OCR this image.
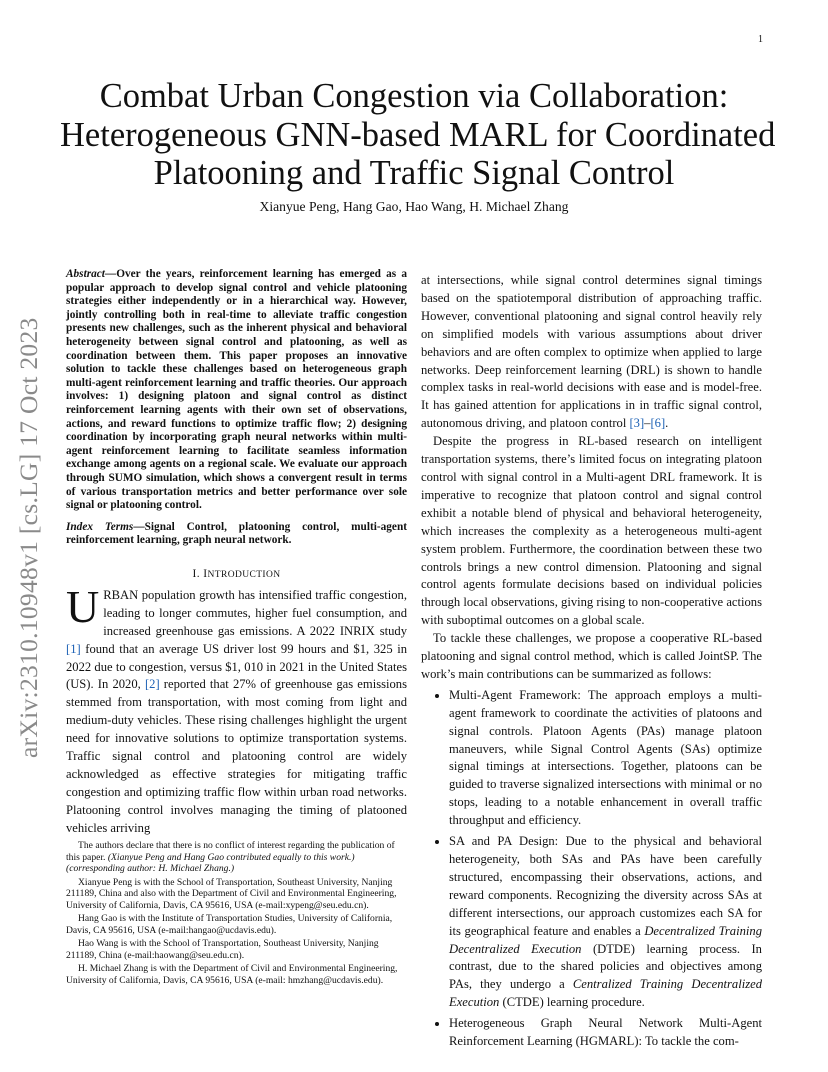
1
arXiv:2310.10948v1 [cs.LG] 17 Oct 2023
Combat Urban Congestion via Collaboration:
Heterogeneous GNN-based MARL for Coordinated
Platooning and Traffic Signal Control
Xianyue Peng, Hang Gao, Hao Wang, H. Michael Zhang

Abstract—Over the years, reinforcement learning has emerged as a popular approach to develop signal control and vehicle platooning strategies either independently or in a hierarchical way. However, jointly controlling both in real-time to alleviate traffic congestion presents new challenges, such as the inherent physical and behavioral heterogeneity between signal control and platooning, as well as coordination between them. This paper proposes an innovative solution to tackle these challenges based on heterogeneous graph multi-agent reinforcement learning and traffic theories. Our approach involves: 1) designing platoon and signal control as distinct reinforcement learning agents with their own set of observations, actions, and reward functions to optimize traffic flow; 2) designing coordination by incorporating graph neural networks within multi-agent reinforcement learning to facilitate seamless information exchange among agents on a regional scale. We evaluate our approach through SUMO simulation, which shows a convergent result in terms of various transportation metrics and better performance over sole signal or platooning control.

Index Terms—Signal Control, platooning control, multi-agent reinforcement learning, graph neural network.

I. INTRODUCTION

URBAN population growth has intensified traffic congestion, leading to longer commutes, higher fuel consumption, and increased greenhouse gas emissions. A 2022 INRIX study [1] found that an average US driver lost 99 hours and $1, 325 in 2022 due to congestion, versus $1, 010 in 2021 in the United States (US). In 2020, [2] reported that 27% of greenhouse gas emissions stemmed from transportation, with most coming from light and medium-duty vehicles. These rising challenges highlight the urgent need for innovative solutions to optimize transportation systems. Traffic signal control and platooning control are widely acknowledged as effective strategies for mitigating traffic congestion and optimizing traffic flow within urban road networks. Platooning control involves managing the timing of platooned vehicles arriving

The authors declare that there is no conflict of interest regarding the publication of this paper. (Xianyue Peng and Hang Gao contributed equally to this work.) (corresponding author: H. Michael Zhang.)

Xianyue Peng is with the School of Transportation, Southeast University, Nanjing 211189, China and also with the Department of Civil and Environmental Engineering, University of California, Davis, CA 95616, USA (e-mail:xypeng@seu.edu.cn).

Hang Gao is with the Institute of Transportation Studies, University of California, Davis, CA 95616, USA (e-mail:hangao@ucdavis.edu).

Hao Wang is with the School of Transportation, Southeast University, Nanjing 211189, China (e-mail:haowang@seu.edu.cn).

H. Michael Zhang is with the Department of Civil and Environmental Engineering, University of California, Davis, CA 95616, USA (e-mail: hmzhang@ucdavis.edu).

at intersections, while signal control determines signal timings based on the spatiotemporal distribution of approaching traffic. However, conventional platooning and signal control heavily rely on simplified models with various assumptions about driver behaviors and are often complex to optimize when applied to large networks. Deep reinforcement learning (DRL) is shown to handle complex tasks in real-world decisions with ease and is model-free. It has gained attention for applications in in traffic signal control, autonomous driving, and platoon control [3]–[6].

Despite the progress in RL-based research on intelligent transportation systems, there’s limited focus on integrating platoon control with signal control in a Multi-agent DRL framework. It is imperative to recognize that platoon control and signal control exhibit a notable blend of physical and behavioral heterogeneity, which increases the complexity as a heterogeneous multi-agent system problem. Furthermore, the coordination between these two controls brings a new control dimension. Platooning and signal control agents formulate decisions based on individual policies through local observations, giving rising to non-cooperative actions with suboptimal outcomes on a global scale.

To tackle these challenges, we propose a cooperative RL-based platooning and signal control method, which is called JointSP. The work’s main contributions can be summarized as follows:

• Multi-Agent Framework: The approach employs a multi-agent framework to coordinate the activities of platoons and signal controls. Platoon Agents (PAs) manage platoon maneuvers, while Signal Control Agents (SAs) optimize signal timings at intersections. Together, platoons can be guided to traverse signalized intersections with minimal or no stops, leading to a notable enhancement in overall traffic throughput and efficiency.
• SA and PA Design: Due to the physical and behavioral heterogeneity, both SAs and PAs have been carefully structured, encompassing their observations, actions, and reward components. Recognizing the diversity across SAs at different intersections, our approach customizes each SA for its geographical feature and enables a Decentralized Training Decentralized Execution (DTDE) learning process. In contrast, due to the shared policies and objectives among PAs, they undergo a Centralized Training Decentralized Execution (CTDE) learning procedure.
• Heterogeneous Graph Neural Network Multi-Agent Reinforcement Learning (HGMARL): To tackle the com-
